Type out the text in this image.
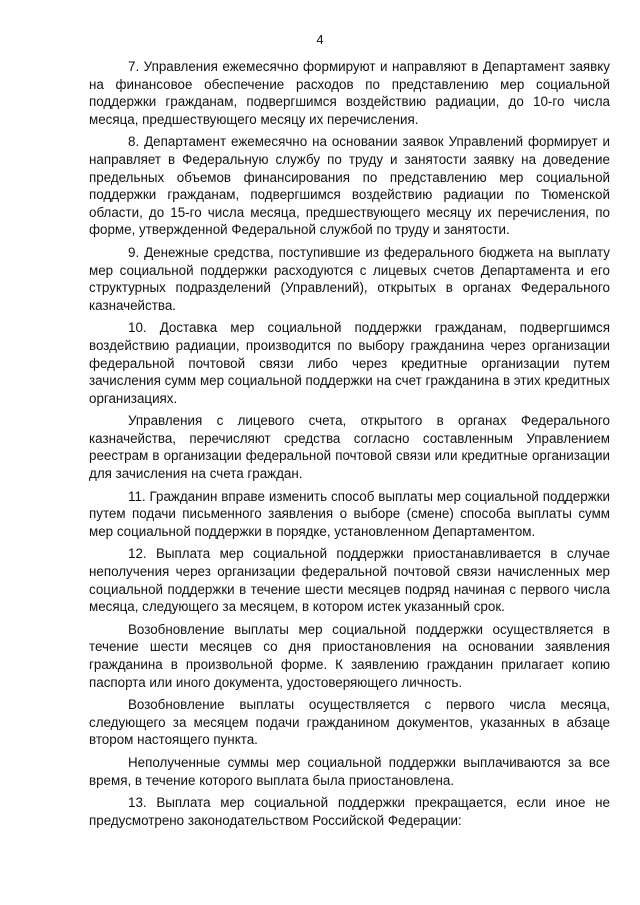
4

7. Управления ежемесячно формируют и направляют в Департамент заявку на финансовое обеспечение расходов по представлению мер социальной поддержки гражданам, подвергшимся воздействию радиации, до 10-го числа месяца, предшествующего месяцу их перечисления.

8. Департамент ежемесячно на основании заявок Управлений формирует и направляет в Федеральную службу по труду и занятости заявку на доведение предельных объемов финансирования по представлению мер социальной поддержки гражданам, подвергшимся воздействию радиации по Тюменской области, до 15-го числа месяца, предшествующего месяцу их перечисления, по форме, утвержденной Федеральной службой по труду и занятости.

9. Денежные средства, поступившие из федерального бюджета на выплату мер социальной поддержки расходуются с лицевых счетов Департамента и его структурных подразделений (Управлений), открытых в органах Федерального казначейства.

10. Доставка мер социальной поддержки гражданам, подвергшимся воздействию радиации, производится по выбору гражданина через организации федеральной почтовой связи либо через кредитные организации путем зачисления сумм мер социальной поддержки на счет гражданина в этих кредитных организациях.

Управления с лицевого счета, открытого в органах Федерального казначейства, перечисляют средства согласно составленным Управлением реестрам в организации федеральной почтовой связи или кредитные организации для зачисления на счета граждан.

11. Гражданин вправе изменить способ выплаты мер социальной поддержки путем подачи письменного заявления о выборе (смене) способа выплаты сумм мер социальной поддержки в порядке, установленном Департаментом.

12. Выплата мер социальной поддержки приостанавливается в случае неполучения через организации федеральной почтовой связи начисленных мер социальной поддержки в течение шести месяцев подряд начиная с первого числа месяца, следующего за месяцем, в котором истек указанный срок.

Возобновление выплаты мер социальной поддержки осуществляется в течение шести месяцев со дня приостановления на основании заявления гражданина в произвольной форме. К заявлению гражданин прилагает копию паспорта или иного документа, удостоверяющего личность.

Возобновление выплаты осуществляется с первого числа месяца, следующего за месяцем подачи гражданином документов, указанных в абзаце втором настоящего пункта.

Неполученные суммы мер социальной поддержки выплачиваются за все время, в течение которого выплата была приостановлена.

13. Выплата мер социальной поддержки прекращается, если иное не предусмотрено законодательством Российской Федерации:
